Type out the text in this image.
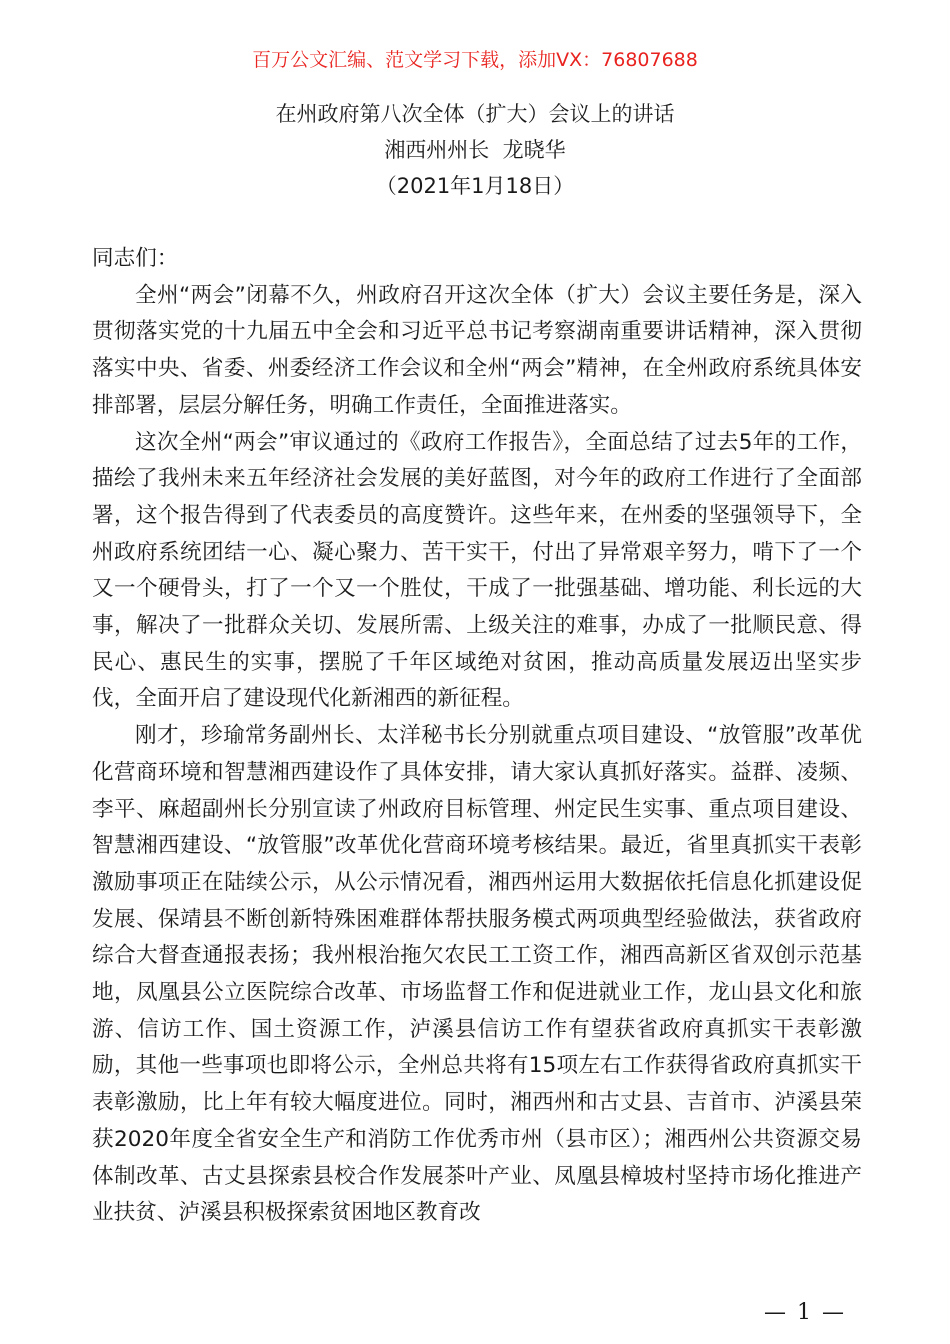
百万公文汇编、范文学习下载，添加VX：76807688

在州政府第八次全体（扩大）会议上的讲话

湘西州州长  龙晓华

（2021年1月18日）

同志们：

全州“两会”闭幕不久，州政府召开这次全体（扩大）会议主要任务是，深入贯彻落实党的十九届五中全会和习近平总书记考察湖南重要讲话精神，深入贯彻落实中央、省委、州委经济工作会议和全州“两会”精神，在全州政府系统具体安排部署，层层分解任务，明确工作责任，全面推进落实。

这次全州“两会”审议通过的《政府工作报告》，全面总结了过去5年的工作，描绘了我州未来五年经济社会发展的美好蓝图，对今年的政府工作进行了全面部署，这个报告得到了代表委员的高度赞许。这些年来，在州委的坚强领导下，全州政府系统团结一心、凝心聚力、苦干实干，付出了异常艰辛努力，啃下了一个又一个硬骨头，打了一个又一个胜仗，干成了一批强基础、增功能、利长远的大事，解决了一批群众关切、发展所需、上级关注的难事，办成了一批顺民意、得民心、惠民生的实事，摆脱了千年区域绝对贫困，推动高质量发展迈出坚实步伐，全面开启了建设现代化新湘西的新征程。

刚才，珍瑜常务副州长、太洋秘书长分别就重点项目建设、“放管服”改革优化营商环境和智慧湘西建设作了具体安排，请大家认真抓好落实。益群、凌频、李平、麻超副州长分别宣读了州政府目标管理、州定民生实事、重点项目建设、智慧湘西建设、“放管服”改革优化营商环境考核结果。最近，省里真抓实干表彰激励事项正在陆续公示，从公示情况看，湘西州运用大数据依托信息化抓建设促发展、保靖县不断创新特殊困难群体帮扶服务模式两项典型经验做法，获省政府综合大督查通报表扬；我州根治拖欠农民工工资工作，湘西高新区省双创示范基地，凤凰县公立医院综合改革、市场监督工作和促进就业工作，龙山县文化和旅游、信访工作、国土资源工作，泸溪县信访工作有望获省政府真抓实干表彰激励，其他一些事项也即将公示，全州总共将有15项左右工作获得省政府真抓实干表彰激励，比上年有较大幅度进位。同时，湘西州和古丈县、吉首市、泸溪县荣获2020年度全省安全生产和消防工作优秀市州（县市区）；湘西州公共资源交易体制改革、古丈县探索县校合作发展茶叶产业、凤凰县樟坡村坚持市场化推进产业扶贫、泸溪县积极探索贫困地区教育改

— 1 —
